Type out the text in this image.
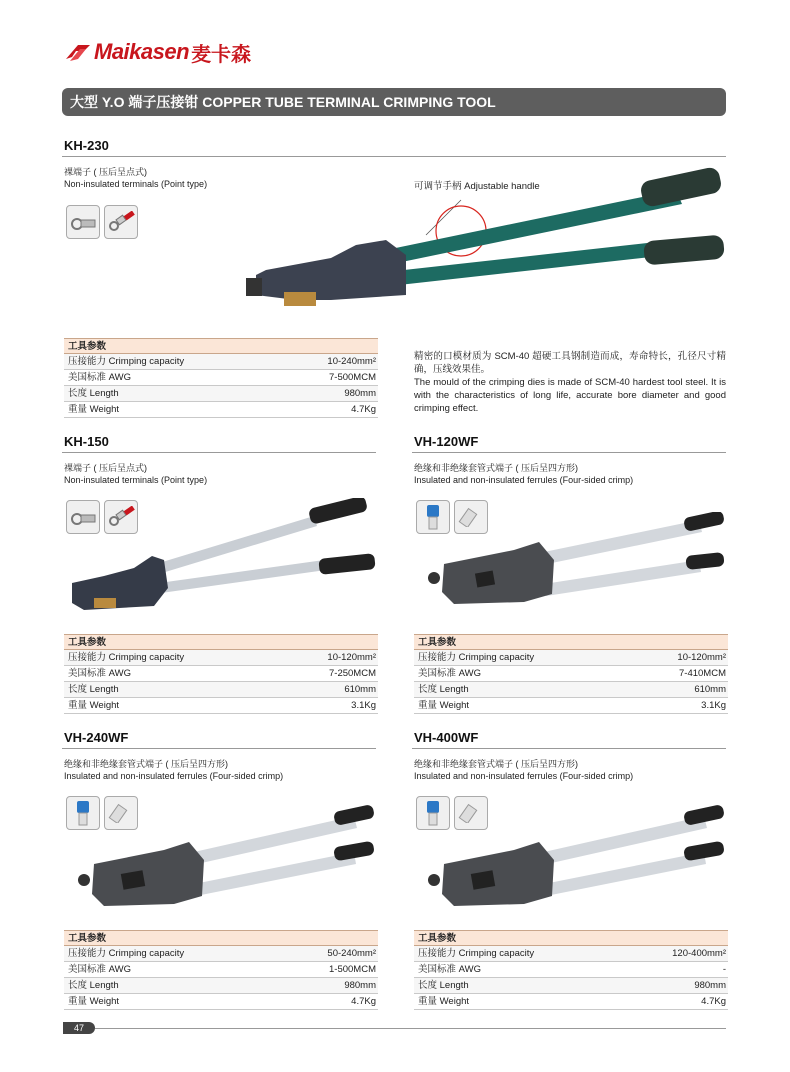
Maikasen 麦卡森
大型 Y.O 端子压接钳 COPPER TUBE TERMINAL CRIMPING TOOL
KH-230
裸端子 ( 压后呈点式)
Non-insulated terminals (Point type)	可调节手柄 Adjustable handle
工具参数
压接能力 Crimping capacity	10-240mm²
美国标准 AWG	7-500MCM
长度 Length	980mm
重量 Weight	4.7Kg
精密的口模材质为 SCM-40 超硬工具钢制造而成，寿命特长，孔径尺寸精确，压线效果佳。
The mould of the crimping dies is made of SCM-40 hardest tool steel. It is with the characteristics of long life, accurate bore diameter and good crimping effect.
KH-150
裸端子 ( 压后呈点式)
Non-insulated terminals (Point type)
工具参数
压接能力 Crimping capacity	10-120mm²
美国标准 AWG	7-250MCM
长度 Length	610mm
重量 Weight	3.1Kg
VH-120WF
绝缘和非绝缘套管式端子 ( 压后呈四方形)
Insulated and non-insulated ferrules (Four-sided crimp)
工具参数
压接能力 Crimping capacity	10-120mm²
美国标准 AWG	7-410MCM
长度 Length	610mm
重量 Weight	3.1Kg
VH-240WF
绝缘和非绝缘套管式端子 ( 压后呈四方形)
Insulated and non-insulated ferrules (Four-sided crimp)
工具参数
压接能力 Crimping capacity	50-240mm²
美国标准 AWG	1-500MCM
长度 Length	980mm
重量 Weight	4.7Kg
VH-400WF
绝缘和非绝缘套管式端子 ( 压后呈四方形)
Insulated and non-insulated ferrules (Four-sided crimp)
工具参数
压接能力 Crimping capacity	120-400mm²
美国标准 AWG	-
长度 Length	980mm
重量 Weight	4.7Kg
47
